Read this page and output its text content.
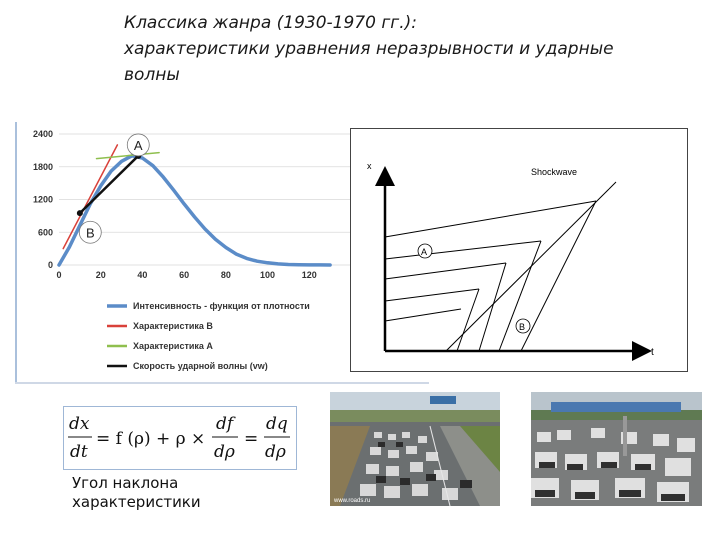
Классика жанра (1930-1970 гг.):
характеристики уравнения неразрывности и ударные
волны
0
600
1200
1800
2400
0	20	40	60	80	100	120
A
B
Интенсивность - функция от плотности
Характеристика B
Характеристика A
Скорость ударной волны (vw)
x
t
Shockwave
A
B
dx
dt
= f (ρ) + ρ ×
df
dρ
=
dq
dρ
Угол наклона
характеристики	www.roads.ru
